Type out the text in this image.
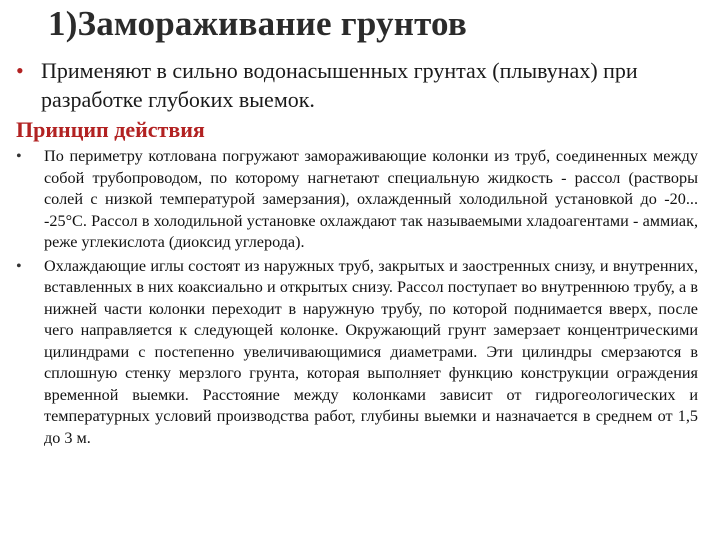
1)Замораживание грунтов
• Применяют в сильно водонасышенных грунтах (плывунах) при разработке глубоких выемок.
Принцип действия
• По периметру котлована погружают замораживающие колонки из труб, соединенных между собой трубопроводом, по которому нагнетают специальную жидкость - рассол (растворы солей с низкой температурой замерзания), охлажденный холодильной установкой до -20... -25°С. Рассол в холодильной установке охлаждают так называемыми хладоагентами - аммиак, реже углекислота (диоксид углерода).
• Охлаждающие иглы состоят из наружных труб, закрытых и заостренных снизу, и внутренних, вставленных в них коаксиально и открытых снизу. Рассол поступает во внутреннюю трубу, а в нижней части колонки переходит в наружную трубу, по которой поднимается вверх, после чего направляется к следующей колонке. Окружающий грунт замерзает концентрическими цилиндрами с постепенно увеличивающимися диаметрами. Эти цилиндры смерзаются в сплошную стенку мерзлого грунта, которая выполняет функцию конструкции ограждения временной выемки. Расстояние между колонками зависит от гидрогеологических и температурных условий производства работ, глубины выемки и назначается в среднем от 1,5 до 3 м.
